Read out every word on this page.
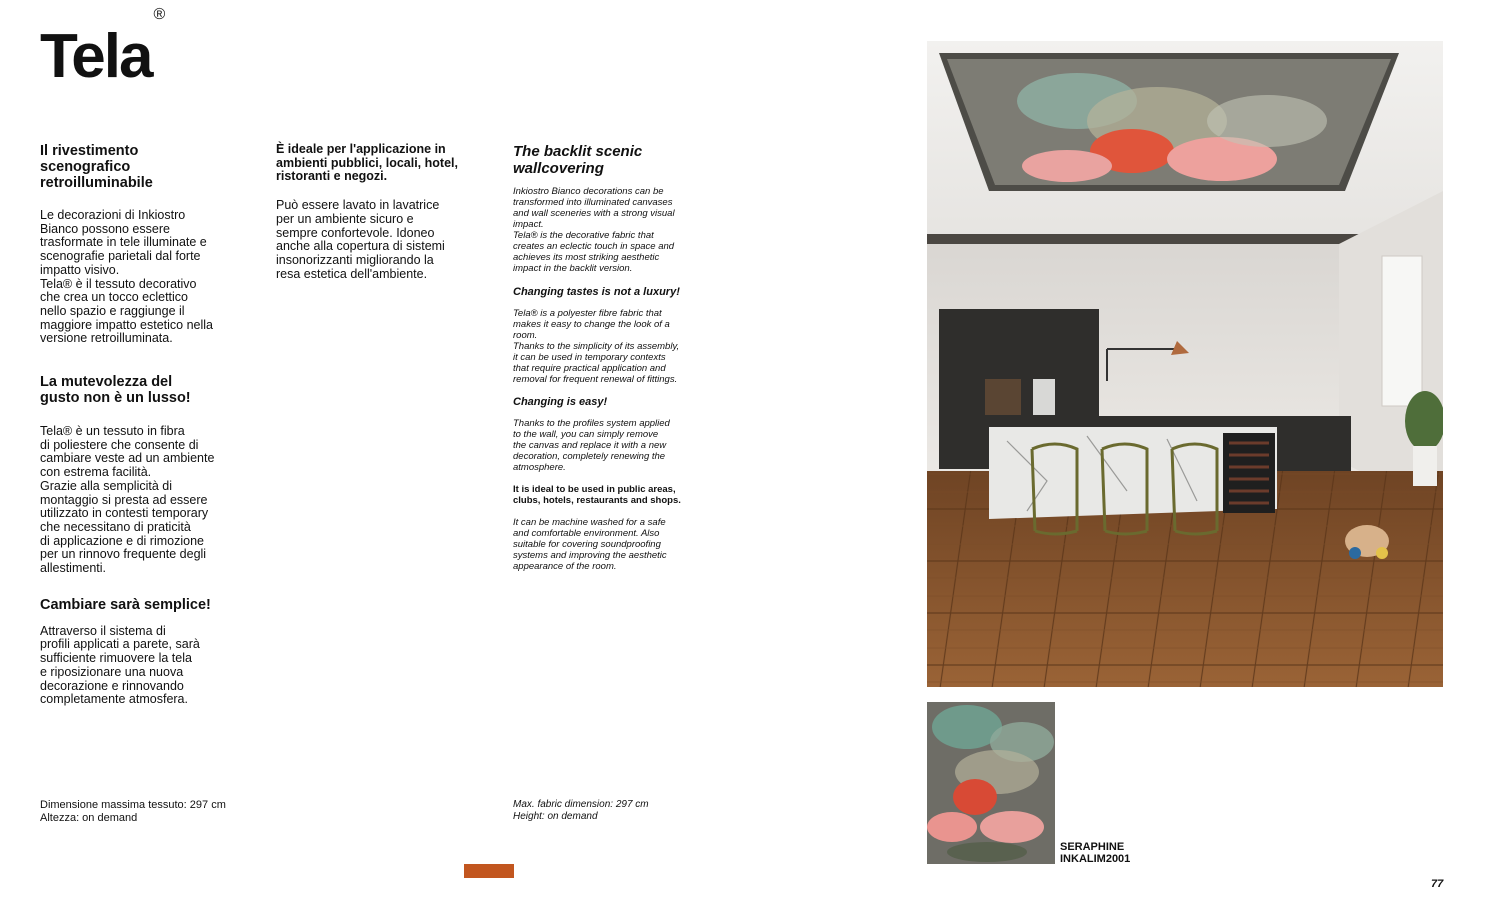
Tela®
Il rivestimento
scenografico
retroilluminabile
Le decorazioni di Inkiostro
Bianco possono essere
trasformate in tele illuminate e
scenografie parietali dal forte
impatto visivo.
Tela® è il tessuto decorativo
che crea un tocco eclettico
nello spazio e raggiunge il
maggiore impatto estetico nella
versione retroilluminata.
La mutevolezza del
gusto non è un lusso!
Tela® è un tessuto in fibra
di poliestere che consente di
cambiare veste ad un ambiente
con estrema facilità.
Grazie alla semplicità di
montaggio si presta ad essere
utilizzato in contesti temporary
che necessitano di praticità
di applicazione e di rimozione
per un rinnovo frequente degli
allestimenti.
Cambiare sarà semplice!
Attraverso il sistema di
profili applicati a parete, sarà
sufficiente rimuovere la tela
e riposizionare una nuova
decorazione e rinnovando
completamente atmosfera.
È ideale per l'applicazione in
ambienti pubblici, locali, hotel,
ristoranti e negozi.
Può essere lavato in lavatrice
per un ambiente sicuro e
sempre confortevole. Idoneo
anche alla copertura di sistemi
insonorizzanti migliorando la
resa estetica dell'ambiente.
The backlit scenic
wallcovering
Inkiostro Bianco decorations can be
transformed into illuminated canvases
and wall sceneries with a strong visual
impact.
Tela® is the decorative fabric that
creates an eclectic touch in space and
achieves its most striking aesthetic
impact in the backlit version.
Changing tastes is not a luxury!
Tela® is a polyester fibre fabric that
makes it easy to change the look of a
room.
Thanks to the simplicity of its assembly,
it can be used in temporary contexts
that require practical application and
removal for frequent renewal of fittings.
Changing is easy!
Thanks to the profiles system applied
to the wall, you can simply remove
the canvas and replace it with a new
decoration, completely renewing the
atmosphere.
It is ideal to be used in public areas,
clubs, hotels, restaurants and shops.
It can be machine washed for a safe
and comfortable environment. Also
suitable for covering soundproofing
systems and improving the aesthetic
appearance of the room.
Dimensione massima tessuto: 297 cm
Altezza: on demand
Max. fabric dimension: 297 cm
Height: on demand
SERAPHINE
INKALIM2001
77
